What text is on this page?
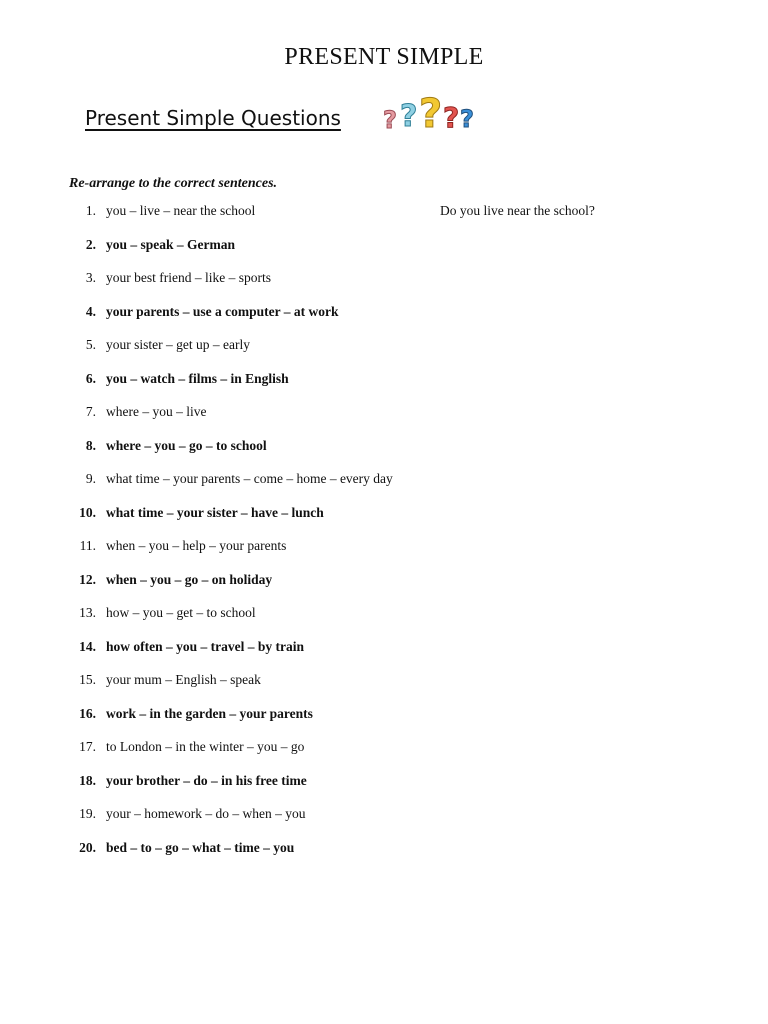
PRESENT SIMPLE
Present Simple Questions ? ? ? ? ?

Re-arrange to the correct sentences.

1. you – live – near the school	Do you live near the school?
2. you – speak – German
3. your best friend – like – sports
4. your parents – use a computer – at work
5. your sister – get up – early
6. you – watch – films – in English
7. where – you – live
8. where – you – go – to school
9. what time – your parents – come – home – every day
10. what time – your sister – have – lunch
11. when – you – help – your parents
12. when – you – go – on holiday
13. how – you – get – to school
14. how often – you – travel – by train
15. your mum – English – speak
16. work – in the garden – your parents
17. to London – in the winter – you – go
18. your brother – do – in his free time
19. your – homework – do – when – you
20. bed – to – go – what – time – you
